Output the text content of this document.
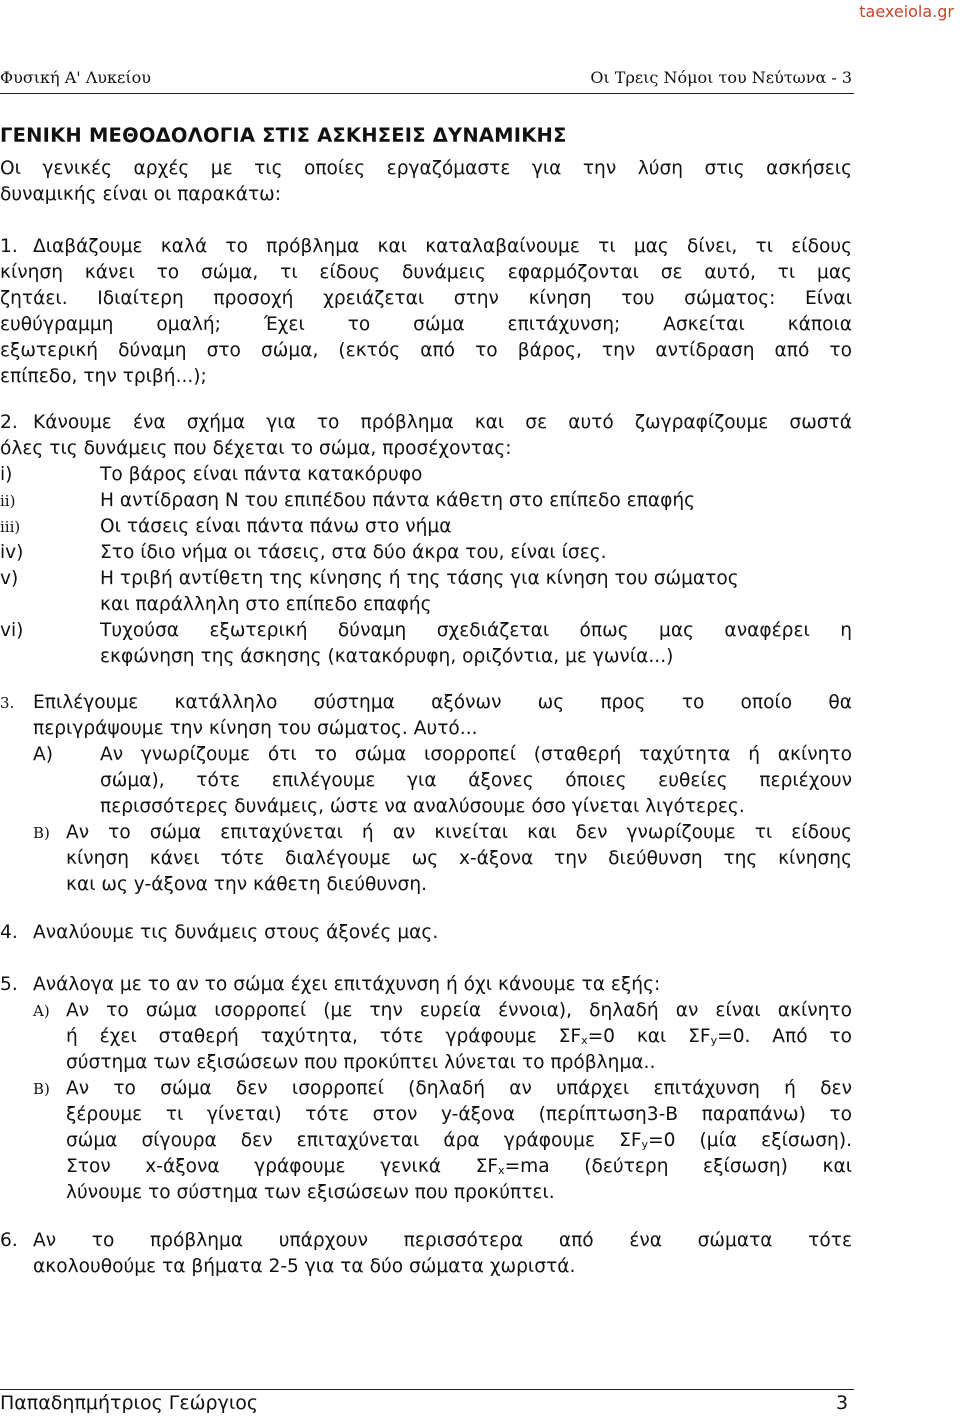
taexeiola.gr
Φυσική Α' Λυκείου	Οι Τρεις Νόμοι του Νεύτωνα - 3
ΓΕΝΙΚΗ ΜΕΘΟΔΟΛΟΓΙΑ ΣΤΙΣ ΑΣΚΗΣΕΙΣ ΔΥΝΑΜΙΚΗΣ
Οι γενικές αρχές με τις οποίες εργαζόμαστε για την λύση στις ασκήσεις
δυναμικής είναι οι παρακάτω:
1. Διαβάζουμε καλά το πρόβλημα και καταλαβαίνουμε τι μας δίνει, τι είδους
κίνηση κάνει το σώμα, τι είδους δυνάμεις εφαρμόζονται σε αυτό, τι μας
ζητάει. Ιδιαίτερη προσοχή χρειάζεται στην κίνηση του σώματος: Είναι
ευθύγραμμη ομαλή; Έχει το σώμα επιτάχυνση; Ασκείται κάποια
εξωτερική δύναμη στο σώμα, (εκτός από το βάρος, την αντίδραση από το
επίπεδο, την τριβή...);
2. Κάνουμε ένα σχήμα για το πρόβλημα και σε αυτό ζωγραφίζουμε σωστά
όλες τις δυνάμεις που δέχεται το σώμα, προσέχοντας:
i)	Το βάρος είναι πάντα κατακόρυφο
ii)	Η αντίδραση Ν του επιπέδου πάντα κάθετη στο επίπεδο επαφής
iii)	Οι τάσεις είναι πάντα πάνω στο νήμα
iv)	Στο ίδιο νήμα οι τάσεις, στα δύο άκρα του, είναι ίσες.
v)	Η τριβή αντίθετη της κίνησης ή της τάσης για κίνηση του σώματος
και παράλληλη στο επίπεδο επαφής
vi)	Τυχούσα εξωτερική δύναμη σχεδιάζεται όπως μας αναφέρει η
εκφώνηση της άσκησης (κατακόρυφη, οριζόντια, με γωνία...)
3. Επιλέγουμε κατάλληλο σύστημα αξόνων ως προς το οποίο θα
περιγράψουμε την κίνηση του σώματος. Αυτό...
Α)	Αν γνωρίζουμε ότι το σώμα ισορροπεί (σταθερή ταχύτητα ή ακίνητο
σώμα), τότε επιλέγουμε για άξονες όποιες ευθείες περιέχουν
περισσότερες δυνάμεις, ώστε να αναλύσουμε όσο γίνεται λιγότερες.
Β) Αν το σώμα επιταχύνεται ή αν κινείται και δεν γνωρίζουμε τι είδους
κίνηση κάνει τότε διαλέγουμε ως x-άξονα την διεύθυνση της κίνησης
και ως y-άξονα την κάθετη διεύθυνση.
4. Αναλύουμε τις δυνάμεις στους άξονές μας.
5. Ανάλογα με το αν το σώμα έχει επιτάχυνση ή όχι κάνουμε τα εξής:
Α) Αν το σώμα ισορροπεί (με την ευρεία έννοια), δηλαδή αν είναι ακίνητο
ή έχει σταθερή ταχύτητα, τότε γράφουμε $\Sigma F_x=0$ και $\Sigma F_y=0$. Από το
σύστημα των εξισώσεων που προκύπτει λύνεται το πρόβλημα..
Β) Αν το σώμα δεν ισορροπεί (δηλαδή αν υπάρχει επιτάχυνση ή δεν
ξέρουμε τι γίνεται) τότε στον y-άξονα (περίπτωση3-Β παραπάνω) το
σώμα σίγουρα δεν επιταχύνεται άρα γράφουμε $\Sigma F_y=0$ (μία εξίσωση).
Στον x-άξονα γράφουμε γενικά $\Sigma F_x=ma$ (δεύτερη εξίσωση) και
λύνουμε το σύστημα των εξισώσεων που προκύπτει.
6. Αν το πρόβλημα υπάρχουν περισσότερα από ένα σώματα τότε
ακολουθούμε τα βήματα 2-5 για τα δύο σώματα χωριστά.
Παπαδηπμήτριος Γεώργιος	3
